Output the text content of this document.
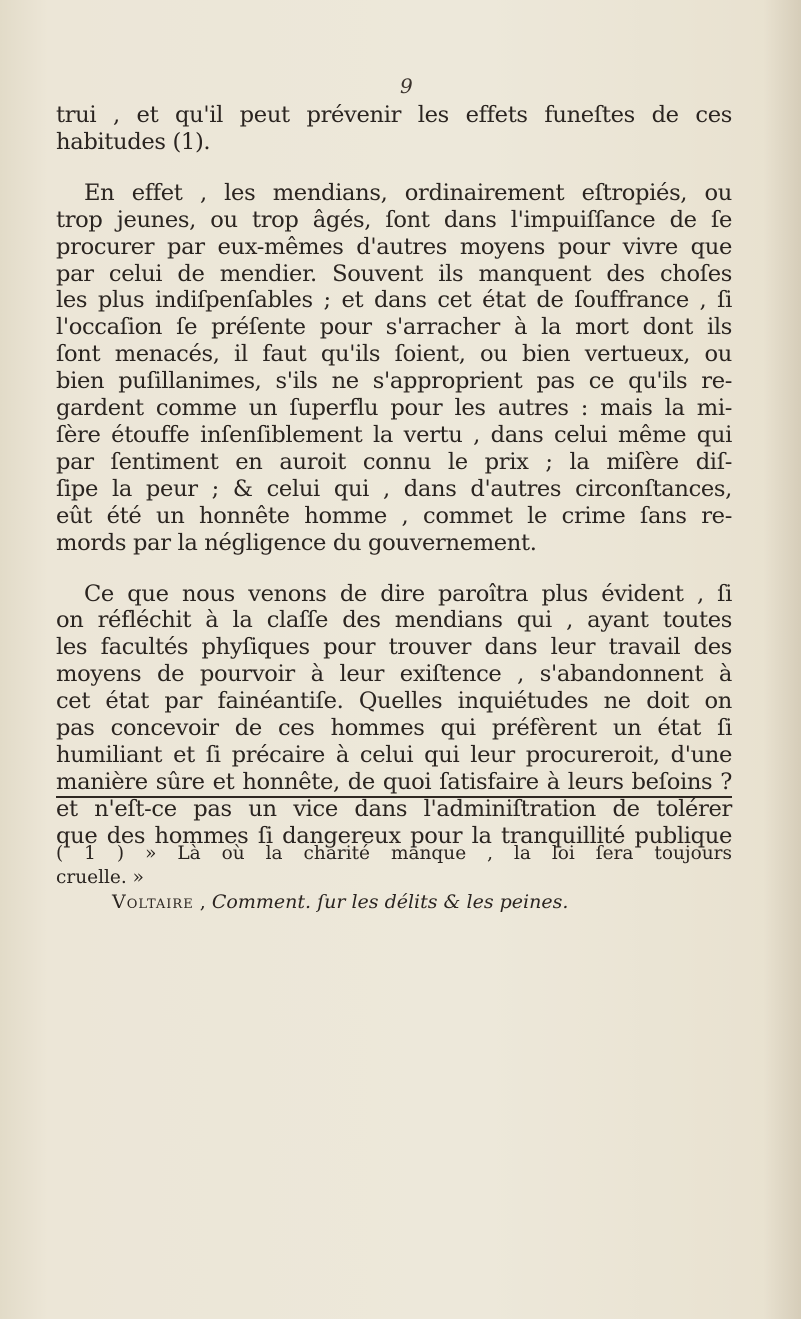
9
trui , et qu'il peut prévenir les effets funeſtes de ces
habitudes (1).
En effet , les mendians, ordinairement eſtropiés, ou
trop jeunes, ou trop âgés, ſont dans l'impuiſſance de ſe
procurer par eux-mêmes d'autres moyens pour vivre que
par celui de mendier. Souvent ils manquent des choſes
les plus indiſpenſables ; et dans cet état de ſouffrance , ſi
l'occaſion ſe préſente pour s'arracher à la mort dont ils
ſont menacés, il faut qu'ils ſoient, ou bien vertueux, ou
bien puſillanimes, s'ils ne s'approprient pas ce qu'ils re-
gardent comme un ſuperflu pour les autres : mais la mi-
ſère étouffe inſenſiblement la vertu , dans celui même qui
par ſentiment en auroit connu le prix ; la miſère diſ-
ſipe la peur ; & celui qui , dans d'autres circonſtances,
eût été un honnête homme , commet le crime ſans re-
mords par la négligence du gouvernement.
Ce que nous venons de dire paroîtra plus évident , ſi
on réfléchit à la claſſe des mendians qui , ayant toutes
les facultés phyſiques pour trouver dans leur travail des
moyens de pourvoir à leur exiſtence , s'abandonnent à
cet état par fainéantiſe. Quelles inquiétudes ne doit on
pas concevoir de ces hommes qui préfèrent un état ſi
humiliant et ſi précaire à celui qui leur procureroit, d'une
manière sûre et honnête, de quoi ſatisfaire à leurs beſoins ?
et n'eſt-ce pas un vice dans l'adminiſtration de tolérer
que des hommes ſi dangereux pour la tranquillité publique
( 1 ) » Là où la charité manque , la loi ſera toujours
cruelle. »
Voltaire , Comment. ſur les délits & les peines.
